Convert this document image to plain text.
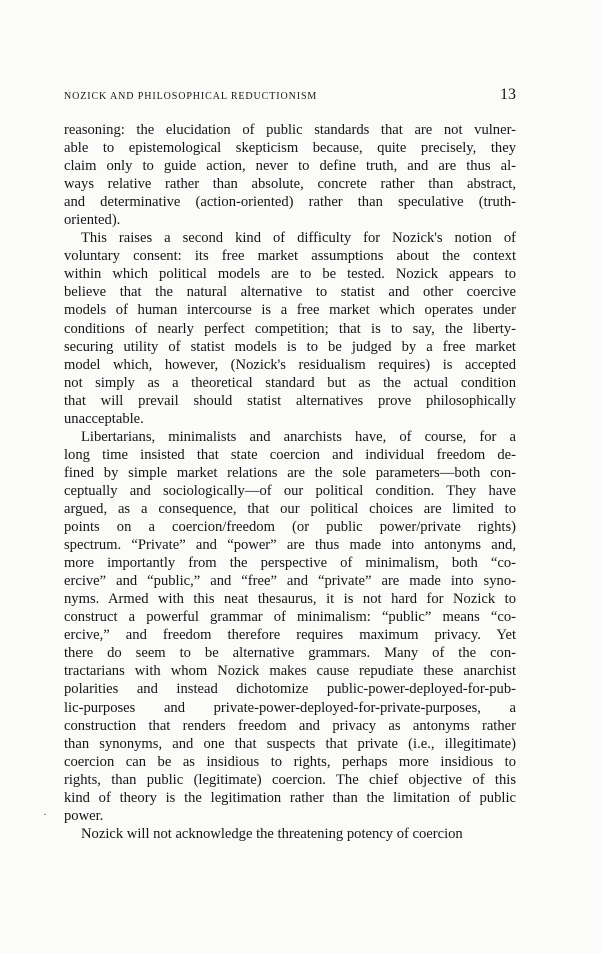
NOZICK AND PHILOSOPHICAL REDUCTIONISM	13

reasoning: the elucidation of public standards that are not vulner-
able to epistemological skepticism because, quite precisely, they
claim only to guide action, never to define truth, and are thus al-
ways relative rather than absolute, concrete rather than abstract,
and determinative (action-oriented) rather than speculative (truth-
oriented).

This raises a second kind of difficulty for Nozick's notion of
voluntary consent: its free market assumptions about the context
within which political models are to be tested. Nozick appears to
believe that the natural alternative to statist and other coercive
models of human intercourse is a free market which operates under
conditions of nearly perfect competition; that is to say, the liberty-
securing utility of statist models is to be judged by a free market
model which, however, (Nozick's residualism requires) is accepted
not simply as a theoretical standard but as the actual condition
that will prevail should statist alternatives prove philosophically
unacceptable.

Libertarians, minimalists and anarchists have, of course, for a
long time insisted that state coercion and individual freedom de-
fined by simple market relations are the sole parameters—both con-
ceptually and sociologically—of our political condition. They have
argued, as a consequence, that our political choices are limited to
points on a coercion/freedom (or public power/private rights)
spectrum. “Private” and “power” are thus made into antonyms and,
more importantly from the perspective of minimalism, both “co-
ercive” and “public,” and “free” and “private” are made into syno-
nyms. Armed with this neat thesaurus, it is not hard for Nozick to
construct a powerful grammar of minimalism: “public” means “co-
ercive,” and freedom therefore requires maximum privacy. Yet
there do seem to be alternative grammars. Many of the con-
tractarians with whom Nozick makes cause repudiate these anarchist
polarities and instead dichotomize public-power-deployed-for-pub-
lic-purposes and private-power-deployed-for-private-purposes, a
construction that renders freedom and privacy as antonyms rather
than synonyms, and one that suspects that private (i.e., illegitimate)
coercion can be as insidious to rights, perhaps more insidious to
rights, than public (legitimate) coercion. The chief objective of this
kind of theory is the legitimation rather than the limitation of public
power.

Nozick will not acknowledge the threatening potency of coercion

·
